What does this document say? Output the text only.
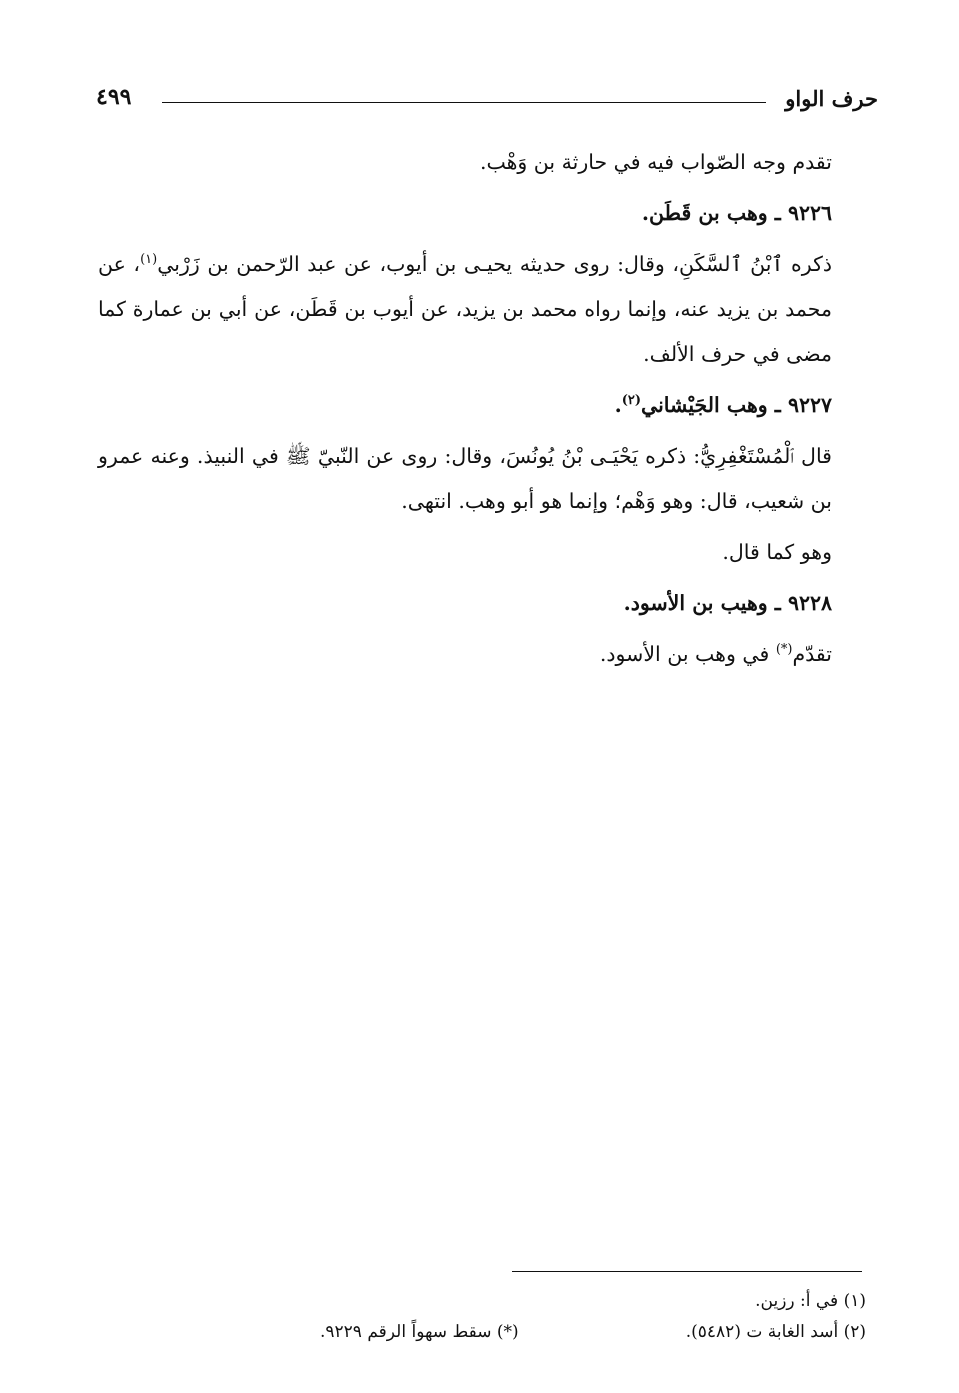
حرف الواو
٤٩٩

تقدم وجه الصّواب فيه في حارثة بن وَهْب.

٩٢٢٦ ـ وهب بن قَطَن.

ذكره ٱبْنُ ٱلسَّكَنِ، وقال: روى حديثه يحيـى بن أيوب، عن عبد الرّحمن بن زَرْبي$^{(١)}$، عن محمد بن يزيد عنه، وإنما رواه محمد بن يزيد، عن أيوب بن قَطَن، عن أبي بن عمارة كما مضى في حرف الألف.

٩٢٢٧ ـ وهب الجَيْشاني$^{(٢)}$.

قال ٱلْمُسْتَغْفِرِيُّ: ذكره يَحْيَـى بْنُ يُونُسَ، وقال: روى عن النّبيّ ﷺ في النبيذ. وعنه عمرو بن شعيب، قال: وهو وَهْم؛ وإنما هو أبو وهب. انتهى.

وهو كما قال.

٩٢٢٨ ـ وهيب بن الأسود.

تقدّم(*) في وهب بن الأسود.

(١) في أ: رزين.
(٢) أسد الغابة ت (٥٤٨٢).
(*) سقط سهواً الرقم ٩٢٢٩.
